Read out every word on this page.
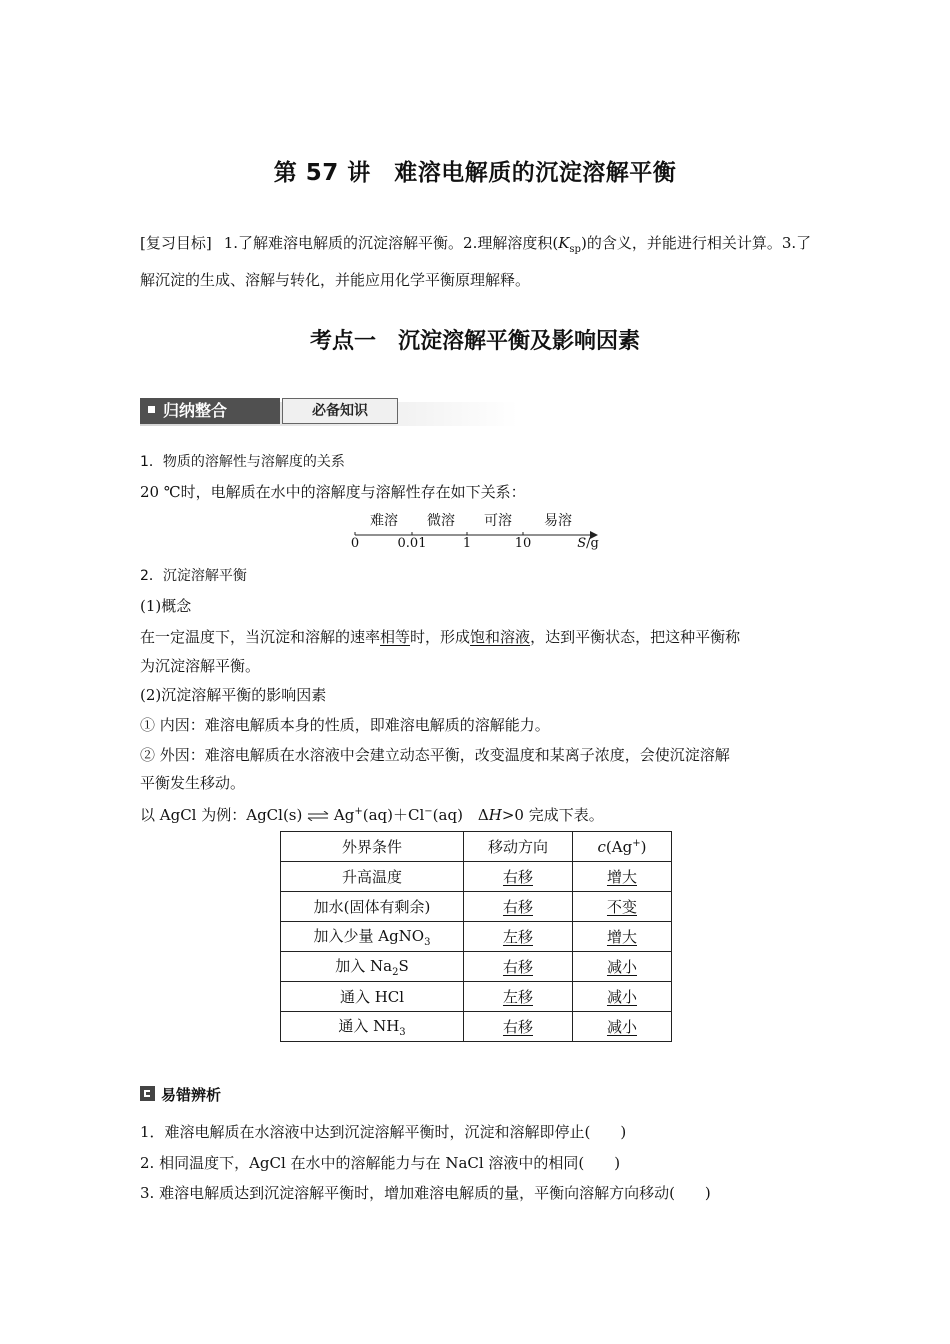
第 57 讲　难溶电解质的沉淀溶解平衡
[复习目标] 1.了解难溶电解质的沉淀溶解平衡。2.理解溶度积$(K_{sp})$的含义，并能进行相关计算。3.了解沉淀的生成、溶解与转化，并能应用化学平衡原理解释。
考点一　沉淀溶解平衡及影响因素
归纳整合	必备知识
1．物质的溶解性与溶解度的关系
20 ℃时，电解质在水中的溶解度与溶解性存在如下关系：
难溶 微溶 可溶 易溶
0	0.01	1	10	S/g
2．沉淀溶解平衡
(1)概念
在一定温度下，当沉淀和溶解的速率相等时，形成饱和溶液，达到平衡状态，把这种平衡称
为沉淀溶解平衡。
(2)沉淀溶解平衡的影响因素
① 内因：难溶电解质本身的性质，即难溶电解质的溶解能力。
② 外因：难溶电解质在水溶液中会建立动态平衡，改变温度和某离子浓度，会使沉淀溶解
平衡发生移动。
以 AgCl 为例：AgCl(s) ⇌ Ag+(aq)＋Cl−(aq)　ΔH>0 完成下表。
外界条件	移动方向	c(Ag+)
升高温度	右移	增大
加水(固体有剩余)	右移	不变
加入少量 AgNO$_3$	左移	增大
加入 $Na_2S$	右移	减小
通入 HCl	左移	减小
通入 $NH_3$	右移	减小
易错辨析
1．难溶电解质在水溶液中达到沉淀溶解平衡时，沉淀和溶解即停止(　　)
2. 相同温度下，AgCl 在水中的溶解能力与在 NaCl 溶液中的相同(　　)
3. 难溶电解质达到沉淀溶解平衡时，增加难溶电解质的量，平衡向溶解方向移动(　　)
